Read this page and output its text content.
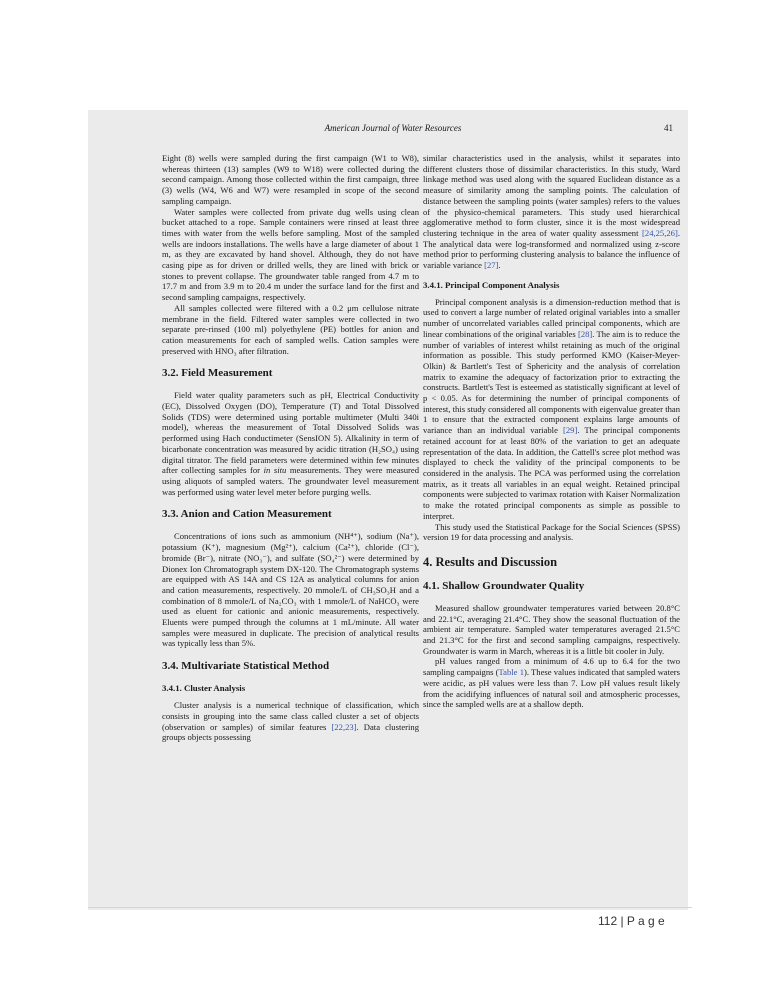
American Journal of Water Resources	41

Eight (8) wells were sampled during the first campaign (W1 to W8), whereas thirteen (13) samples (W9 to W18) were collected during the second campaign. Among those collected within the first campaign, three (3) wells (W4, W6 and W7) were resampled in scope of the second sampling campaign.

Water samples were collected from private dug wells using clean bucket attached to a rope. Sample containers were rinsed at least three times with water from the wells before sampling. Most of the sampled wells are indoors installations. The wells have a large diameter of about 1 m, as they are excavated by hand shovel. Although, they do not have casing pipe as for driven or drilled wells, they are lined with brick or stones to prevent collapse. The groundwater table ranged from 4.7 m to 17.7 m and from 3.9 m to 20.4 m under the surface land for the first and second sampling campaigns, respectively.

All samples collected were filtered with a 0.2 μm cellulose nitrate membrane in the field. Filtered water samples were collected in two separate pre-rinsed (100 ml) polyethylene (PE) bottles for anion and cation measurements for each of sampled wells. Cation samples were preserved with HNO₃ after filtration.

3.2. Field Measurement

Field water quality parameters such as pH, Electrical Conductivity (EC), Dissolved Oxygen (DO), Temperature (T) and Total Dissolved Solids (TDS) were determined using portable multimeter (Multi 340i model), whereas the measurement of Total Dissolved Solids was performed using Hach conductimeter (SensION 5). Alkalinity in term of bicarbonate concentration was measured by acidic titration (H₂SO₄) using digital titrator. The field parameters were determined within few minutes after collecting samples for in situ measurements. They were measured using aliquots of sampled waters. The groundwater level measurement was performed using water level meter before purging wells.

3.3. Anion and Cation Measurement

Concentrations of ions such as ammonium (NH⁴⁺), sodium (Na⁺), potassium (K⁺), magnesium (Mg²⁺), calcium (Ca²⁺), chloride (Cl⁻), bromide (Br⁻), nitrate (NO₃⁻), and sulfate (SO₄²⁻) were determined by Dionex Ion Chromatograph system DX-120. The Chromatograph systems are equipped with AS 14A and CS 12A as analytical columns for anion and cation measurements, respectively. 20 mmole/L of CH₃SO₃H and a combination of 8 mmole/L of Na₂CO₃ with 1 mmole/L of NaHCO₃ were used as eluent for cationic and anionic measurements, respectively. Eluents were pumped through the columns at 1 mL/minute. All water samples were measured in duplicate. The precision of analytical results was typically less than 5%.

3.4. Multivariate Statistical Method
3.4.1. Cluster Analysis

Cluster analysis is a numerical technique of classification, which consists in grouping into the same class called cluster a set of objects (observation or samples) of similar features [22,23]. Data clustering groups objects possessing

similar characteristics used in the analysis, whilst it separates into different clusters those of dissimilar characteristics. In this study, Ward linkage method was used along with the squared Euclidean distance as a measure of similarity among the sampling points. The calculation of distance between the sampling points (water samples) refers to the values of the physico-chemical parameters. This study used hierarchical agglomerative method to form cluster, since it is the most widespread clustering technique in the area of water quality assessment [24,25,26]. The analytical data were log-transformed and normalized using z-score method prior to performing clustering analysis to balance the influence of variable variance [27].

3.4.1. Principal Component Analysis

Principal component analysis is a dimension-reduction method that is used to convert a large number of related original variables into a smaller number of uncorrelated variables called principal components, which are linear combinations of the original variables [28]. The aim is to reduce the number of variables of interest whilst retaining as much of the original information as possible. This study performed KMO (Kaiser-Meyer-Olkin) & Bartlett's Test of Sphericity and the analysis of correlation matrix to examine the adequacy of factorization prior to extracting the constructs. Bartlett's Test is esteemed as statistically significant at level of p < 0.05. As for determining the number of principal components of interest, this study considered all components with eigenvalue greater than 1 to ensure that the extracted component explains large amounts of variance than an individual variable [29]. The principal components retained account for at least 80% of the variation to get an adequate representation of the data. In addition, the Cattell's scree plot method was displayed to check the validity of the principal components to be considered in the analysis. The PCA was performed using the correlation matrix, as it treats all variables in an equal weight. Retained principal components were subjected to varimax rotation with Kaiser Normalization to make the rotated principal components as simple as possible to interpret.

This study used the Statistical Package for the Social Sciences (SPSS) version 19 for data processing and analysis.

4. Results and Discussion
4.1. Shallow Groundwater Quality

Measured shallow groundwater temperatures varied between 20.8°C and 22.1°C, averaging 21.4°C. They show the seasonal fluctuation of the ambient air temperature. Sampled water temperatures averaged 21.5°C and 21.3°C for the first and second sampling campaigns, respectively. Groundwater is warm in March, whereas it is a little bit cooler in July.

pH values ranged from a minimum of 4.6 up to 6.4 for the two sampling campaigns (Table 1). These values indicated that sampled waters were acidic, as pH values were less than 7. Low pH values result likely from the acidifying influences of natural soil and atmospheric processes, since the sampled wells are at a shallow depth.

112 | P a g e
